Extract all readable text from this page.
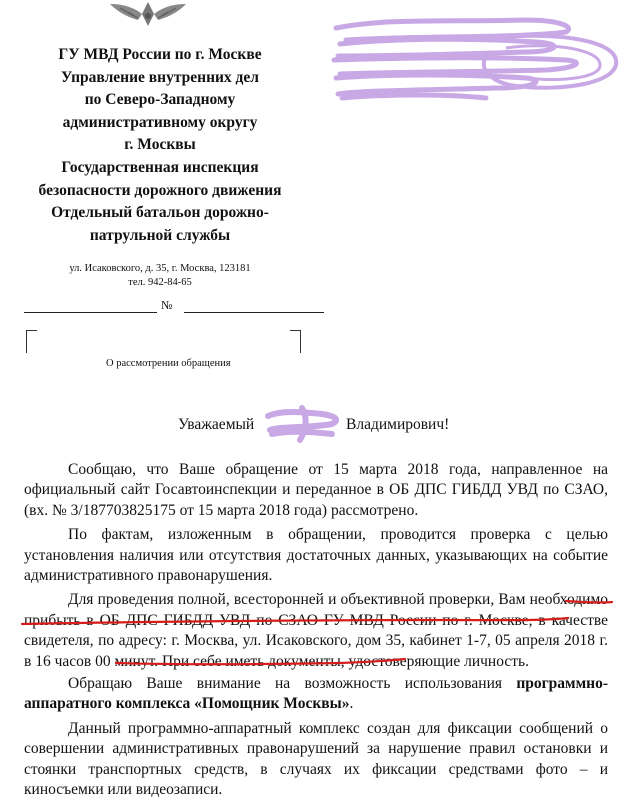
ГУ МВД России по г. Москве
Управление внутренних дел
по Северо-Западному
административному округу
г. Москвы
Государственная инспекция
безопасности дорожного движения
Отдельный батальон дорожно-
патрульной службы
ул. Исаковского, д. 35, г. Москва, 123181
тел. 942-84-65
№
О рассмотрении обращения
Уважаемый	Владимирович!

Сообщаю, что Ваше обращение от 15 марта 2018 года, направленное на официальный сайт Госавтоинспекции и переданное в ОБ ДПС ГИБДД УВД по СЗАО, (вх. № 3/187703825175 от 15 марта 2018 года) рассмотрено.

По фактам, изложенным в обращении, проводится проверка с целью установления наличия или отсутствия достаточных данных, указывающих на событие административного правонарушения.

Для проведения полной, всесторонней и объективной проверки, Вам необходимо прибыть в ОБ ДПС ГИБДД УВД по СЗАО ГУ МВД России по г. Москве, в качестве свидетеля, по адресу: г. Москва, ул. Исаковского, дом 35, кабинет 1-7, 05 апреля 2018 г. в 16 часов 00 минут. При себе иметь документы, удостоверяющие личность.

Обращаю Ваше внимание на возможность использования программно-аппаратного комплекса «Помощник Москвы».

Данный программно-аппаратный комплекс создан для фиксации сообщений о совершении административных правонарушений за нарушение правил остановки и стоянки транспортных средств, в случаях их фиксации средствами фото – и киносъемки или видеозаписи.
